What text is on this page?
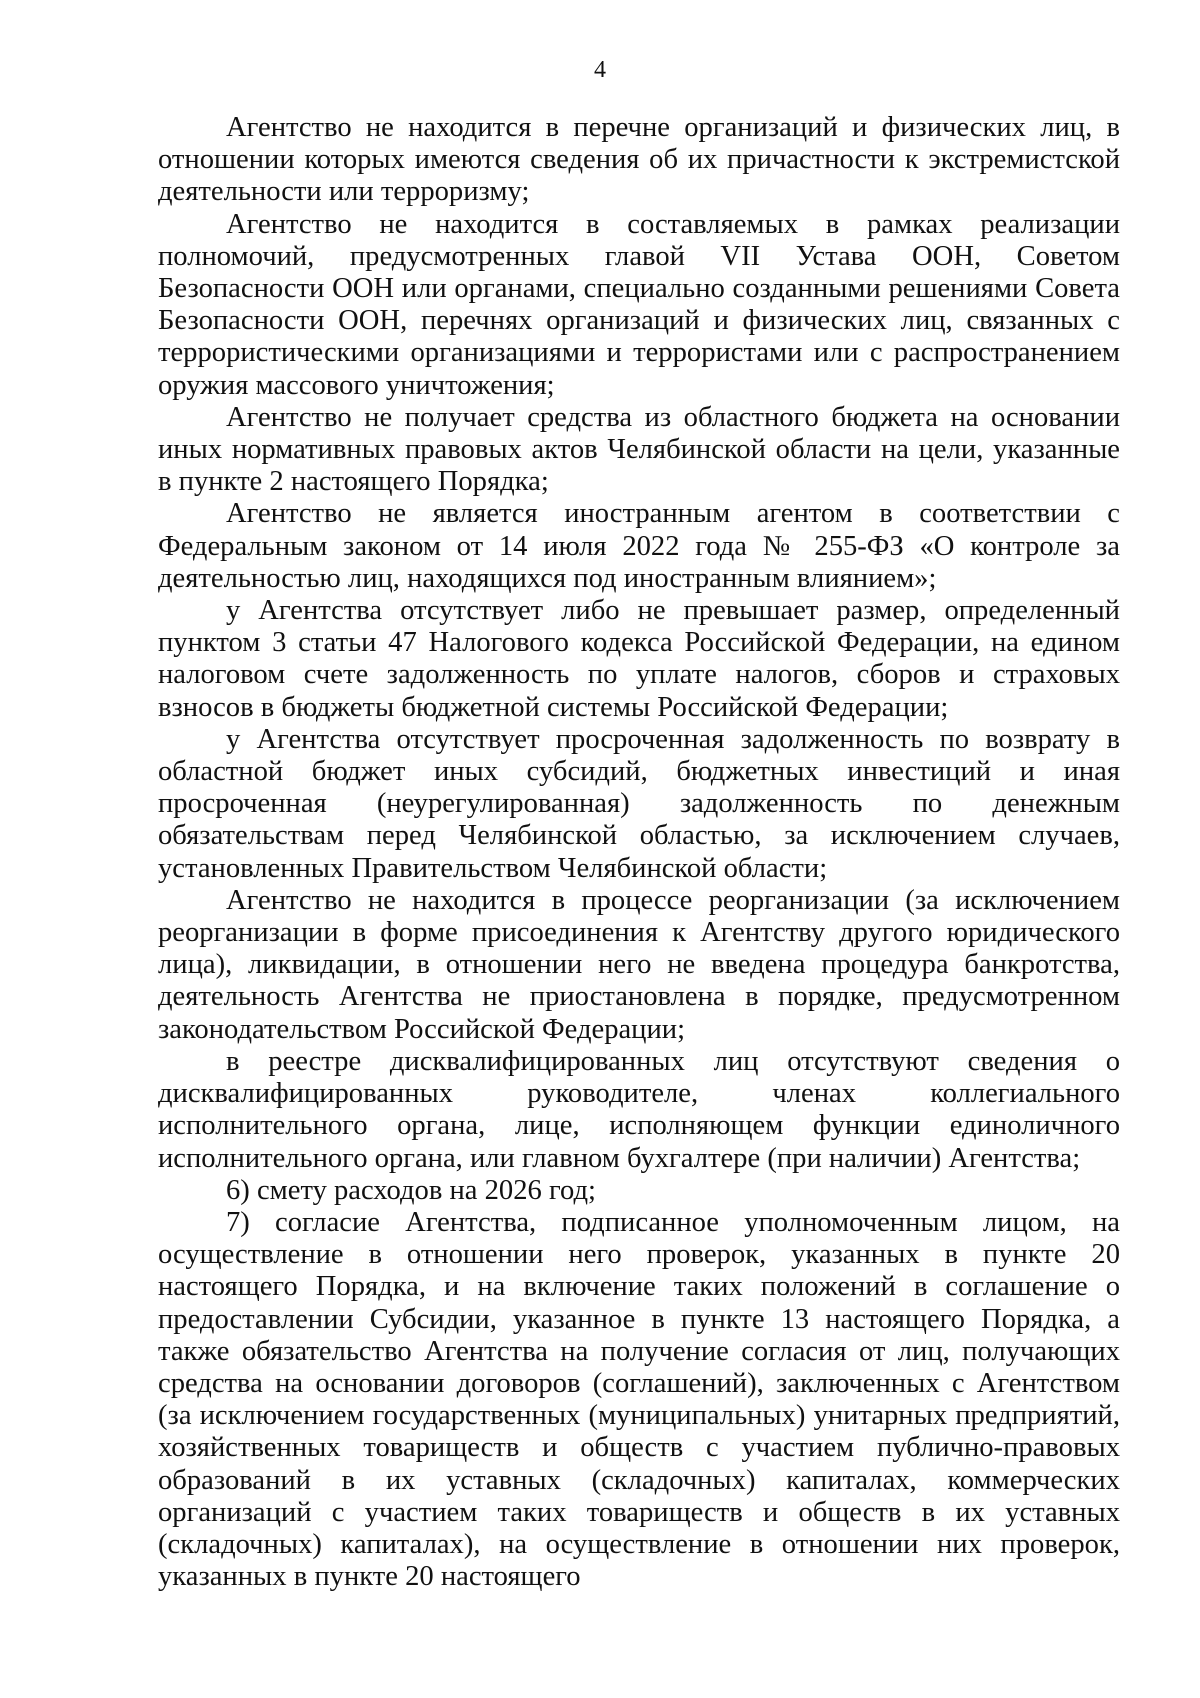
4

Агентство не находится в перечне организаций и физических лиц, в отношении которых имеются сведения об их причастности к экстремистской деятельности или терроризму;

Агентство не находится в составляемых в рамках реализации полномочий, предусмотренных главой VII Устава ООН, Советом Безопасности ООН или органами, специально созданными решениями Совета Безопасности ООН, перечнях организаций и физических лиц, связанных с террористическими организациями и террористами или с распространением оружия массового уничтожения;

Агентство не получает средства из областного бюджета на основании иных нормативных правовых актов Челябинской области на цели, указанные в пункте 2 настоящего Порядка;

Агентство не является иностранным агентом в соответствии с Федеральным законом от 14 июля 2022 года № 255-ФЗ «О контроле за деятельностью лиц, находящихся под иностранным влиянием»;

у Агентства отсутствует либо не превышает размер, определенный пунктом 3 статьи 47 Налогового кодекса Российской Федерации, на едином налоговом счете задолженность по уплате налогов, сборов и страховых взносов в бюджеты бюджетной системы Российской Федерации;

у Агентства отсутствует просроченная задолженность по возврату в областной бюджет иных субсидий, бюджетных инвестиций и иная просроченная (неурегулированная) задолженность по денежным обязательствам перед Челябинской областью, за исключением случаев, установленных Правительством Челябинской области;

Агентство не находится в процессе реорганизации (за исключением реорганизации в форме присоединения к Агентству другого юридического лица), ликвидации, в отношении него не введена процедура банкротства, деятельность Агентства не приостановлена в порядке, предусмотренном законодательством Российской Федерации;

в реестре дисквалифицированных лиц отсутствуют сведения о дисквалифицированных руководителе, членах коллегиального исполнительного органа, лице, исполняющем функции единоличного исполнительного органа, или главном бухгалтере (при наличии) Агентства;

6) смету расходов на 2026 год;

7) согласие Агентства, подписанное уполномоченным лицом, на осуществление в отношении него проверок, указанных в пункте 20 настоящего Порядка, и на включение таких положений в соглашение о предоставлении Субсидии, указанное в пункте 13 настоящего Порядка, а также обязательство Агентства на получение согласия от лиц, получающих средства на основании договоров (соглашений), заключенных с Агентством (за исключением государственных (муниципальных) унитарных предприятий, хозяйственных товариществ и обществ с участием публично-правовых образований в их уставных (складочных) капиталах, коммерческих организаций с участием таких товариществ и обществ в их уставных (складочных) капиталах), на осуществление в отношении них проверок, указанных в пункте 20 настоящего
